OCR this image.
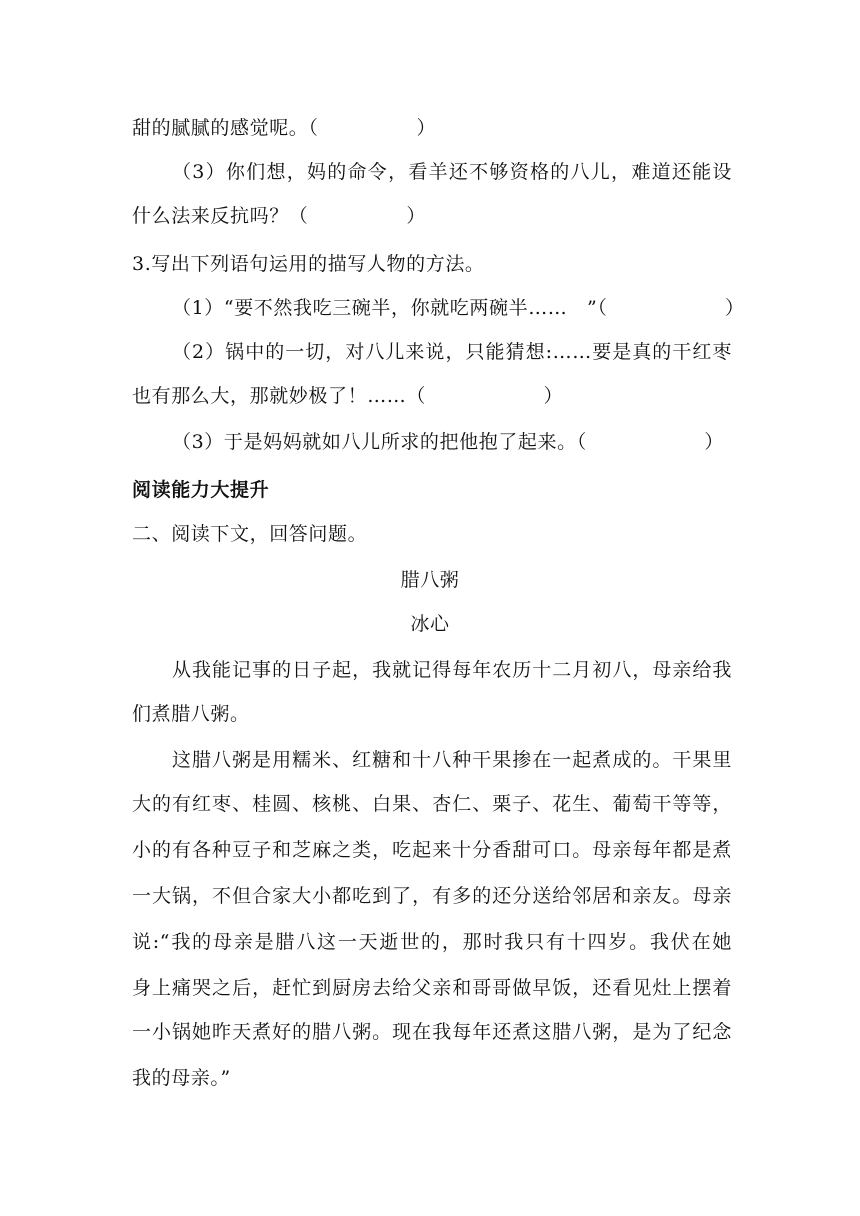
甜的腻腻的感觉呢。（　　　　　）
（3）你们想，妈的命令，看羊还不够资格的八儿，难道还能设
什么法来反抗吗？（　　　　　）
3.写出下列语句运用的描写人物的方法。
（1）“要不然我吃三碗半，你就吃两碗半……　”（　　　　　　）
（2）锅中的一切，对八儿来说，只能猜想:……要是真的干红枣
也有那么大，那就妙极了！……（　　　　　　）
（3）于是妈妈就如八儿所求的把他抱了起来。（　　　　　　）
阅读能力大提升
二、阅读下文，回答问题。
腊八粥
冰心
从我能记事的日子起，我就记得每年农历十二月初八，母亲给我
们煮腊八粥。
这腊八粥是用糯米、红糖和十八种干果掺在一起煮成的。干果里
大的有红枣、桂圆、核桃、白果、杏仁、栗子、花生、葡萄干等等，
小的有各种豆子和芝麻之类，吃起来十分香甜可口。母亲每年都是煮
一大锅，不但合家大小都吃到了，有多的还分送给邻居和亲友。母亲
说:“我的母亲是腊八这一天逝世的，那时我只有十四岁。我伏在她
身上痛哭之后，赶忙到厨房去给父亲和哥哥做早饭，还看见灶上摆着
一小锅她昨天煮好的腊八粥。现在我每年还煮这腊八粥，是为了纪念
我的母亲。”
